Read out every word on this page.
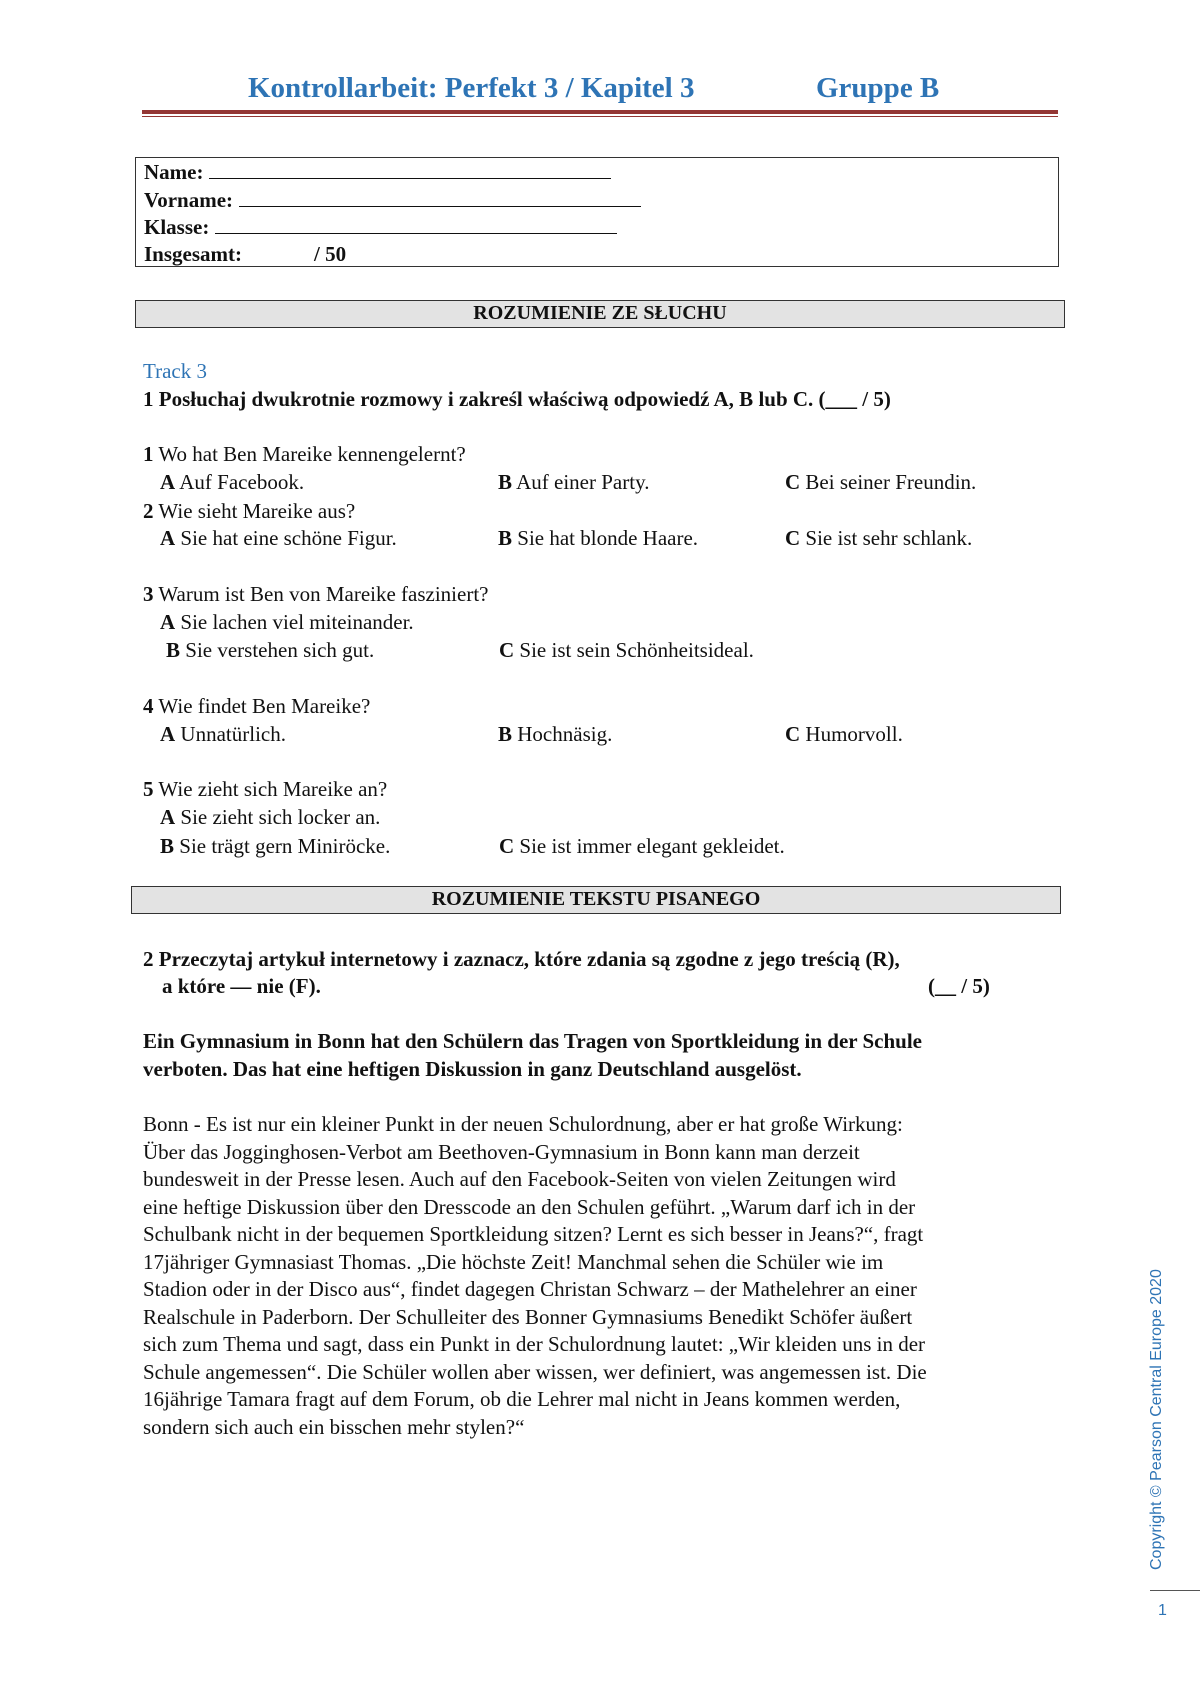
Kontrollarbeit: Perfekt 3 / Kapitel 3	Gruppe B
Name:
Vorname:
Klasse:
Insgesamt:	/ 50
ROZUMIENIE ZE SŁUCHU
Track 3
1 Posłuchaj dwukrotnie rozmowy i zakreśl właściwą odpowiedź A, B lub C. (___ / 5)
1 Wo hat Ben Mareike kennengelernt?
A Auf Facebook.	B Auf einer Party.	C Bei seiner Freundin.
2 Wie sieht Mareike aus?
A Sie hat eine schöne Figur.	B Sie hat blonde Haare.	C Sie ist sehr schlank.
3 Warum ist Ben von Mareike fasziniert?
A Sie lachen viel miteinander.
B Sie verstehen sich gut.	C Sie ist sein Schönheitsideal.
4 Wie findet Ben Mareike?
A Unnatürlich.	B Hochnäsig.	C Humorvoll.
5 Wie zieht sich Mareike an?
A Sie zieht sich locker an.
B Sie trägt gern Miniröcke.	C Sie ist immer elegant gekleidet.
ROZUMIENIE TEKSTU PISANEGO
2 Przeczytaj artykuł internetowy i zaznacz, które zdania są zgodne z jego treścią (R),
a które — nie (F).	(__ / 5)
Ein Gymnasium in Bonn hat den Schülern das Tragen von Sportkleidung in der Schule
verboten. Das hat eine heftigen Diskussion in ganz Deutschland ausgelöst.

Bonn - Es ist nur ein kleiner Punkt in der neuen Schulordnung, aber er hat große Wirkung:

Über das Jogginghosen-Verbot am Beethoven-Gymnasium in Bonn kann man derzeit

bundesweit in der Presse lesen. Auch auf den Facebook-Seiten von vielen Zeitungen wird

eine heftige Diskussion über den Dresscode an den Schulen geführt. „Warum darf ich in der

Schulbank nicht in der bequemen Sportkleidung sitzen? Lernt es sich besser in Jeans?“, fragt

17jähriger Gymnasiast Thomas. „Die höchste Zeit! Manchmal sehen die Schüler wie im

Stadion oder in der Disco aus“, findet dagegen Christan Schwarz – der Mathelehrer an einer

Realschule in Paderborn. Der Schulleiter des Bonner Gymnasiums Benedikt Schöfer äußert

sich zum Thema und sagt, dass ein Punkt in der Schulordnung lautet: „Wir kleiden uns in der

Schule angemessen“. Die Schüler wollen aber wissen, wer definiert, was angemessen ist. Die

16jährige Tamara fragt auf dem Forum, ob die Lehrer mal nicht in Jeans kommen werden,

sondern sich auch ein bisschen mehr stylen?“	Copyright © Pearson Central Europe 2020
1
